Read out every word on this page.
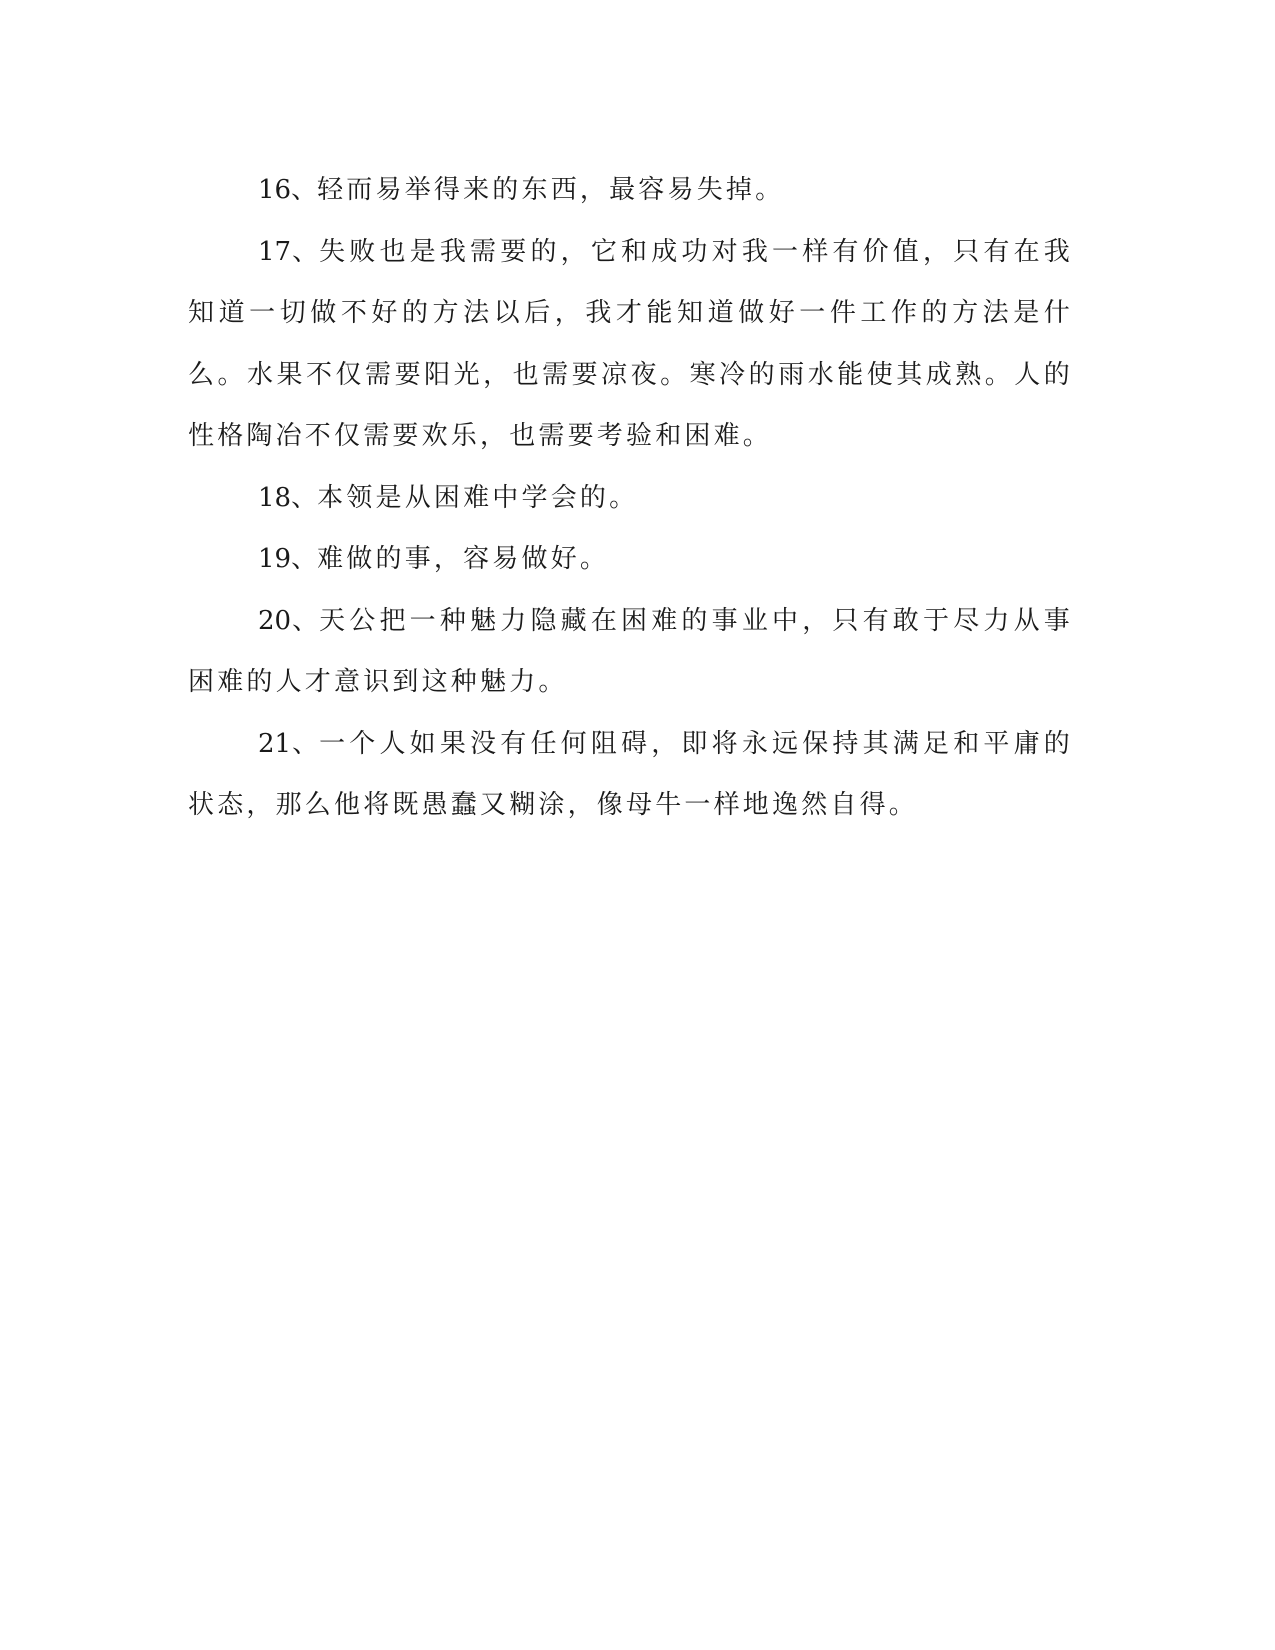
16、轻而易举得来的东西，最容易失掉。

17、失败也是我需要的，它和成功对我一样有价值，只有在我知道一切做不好的方法以后，我才能知道做好一件工作的方法是什么。水果不仅需要阳光，也需要凉夜。寒冷的雨水能使其成熟。人的性格陶冶不仅需要欢乐，也需要考验和困难。

18、本领是从困难中学会的。

19、难做的事，容易做好。

20、天公把一种魅力隐藏在困难的事业中，只有敢于尽力从事困难的人才意识到这种魅力。

21、一个人如果没有任何阻碍，即将永远保持其满足和平庸的状态，那么他将既愚蠢又糊涂，像母牛一样地逸然自得。
